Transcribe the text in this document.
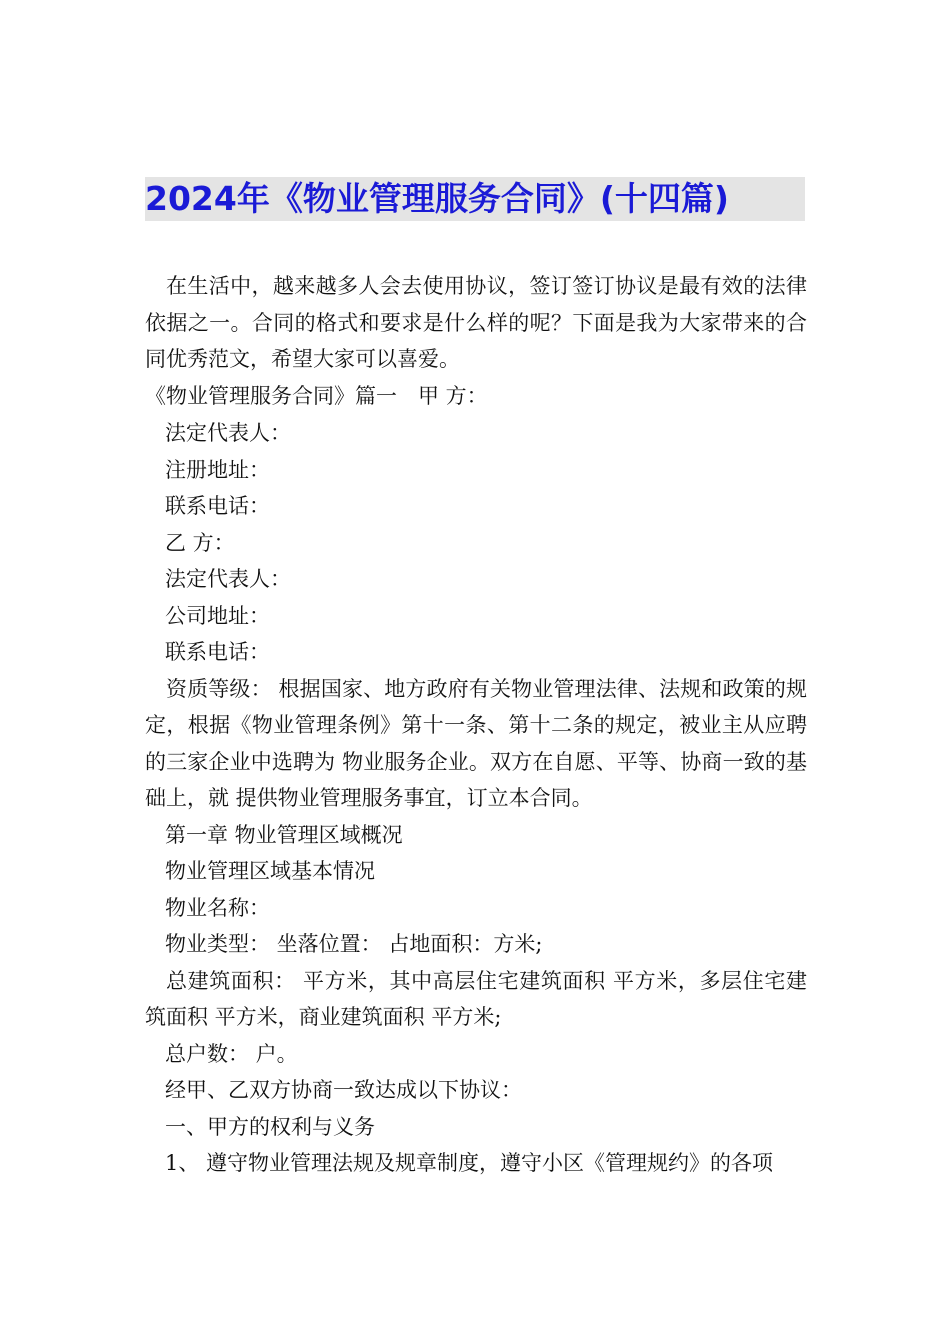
2024年《物业管理服务合同》(十四篇)

在生活中，越来越多人会去使用协议，签订签订协议是最有效的法律依据之一。合同的格式和要求是什么样的呢？下面是我为大家带来的合同优秀范文，希望大家可以喜爱。

《物业管理服务合同》篇一　甲 方：

法定代表人：

注册地址：

联系电话：

乙 方：

法定代表人：

公司地址：

联系电话：

资质等级： 根据国家、地方政府有关物业管理法律、法规和政策的规定，根据《物业管理条例》第十一条、第十二条的规定，被业主从应聘的三家企业中选聘为 物业服务企业。双方在自愿、平等、协商一致的基础上，就 提供物业管理服务事宜，订立本合同。

第一章 物业管理区域概况

物业管理区域基本情况

物业名称：

物业类型： 坐落位置： 占地面积：方米;

总建筑面积： 平方米，其中高层住宅建筑面积 平方米，多层住宅建筑面积 平方米，商业建筑面积 平方米;

总户数： 户。

经甲、乙双方协商一致达成以下协议：

一、甲方的权利与义务

1、 遵守物业管理法规及规章制度，遵守小区《管理规约》的各项
